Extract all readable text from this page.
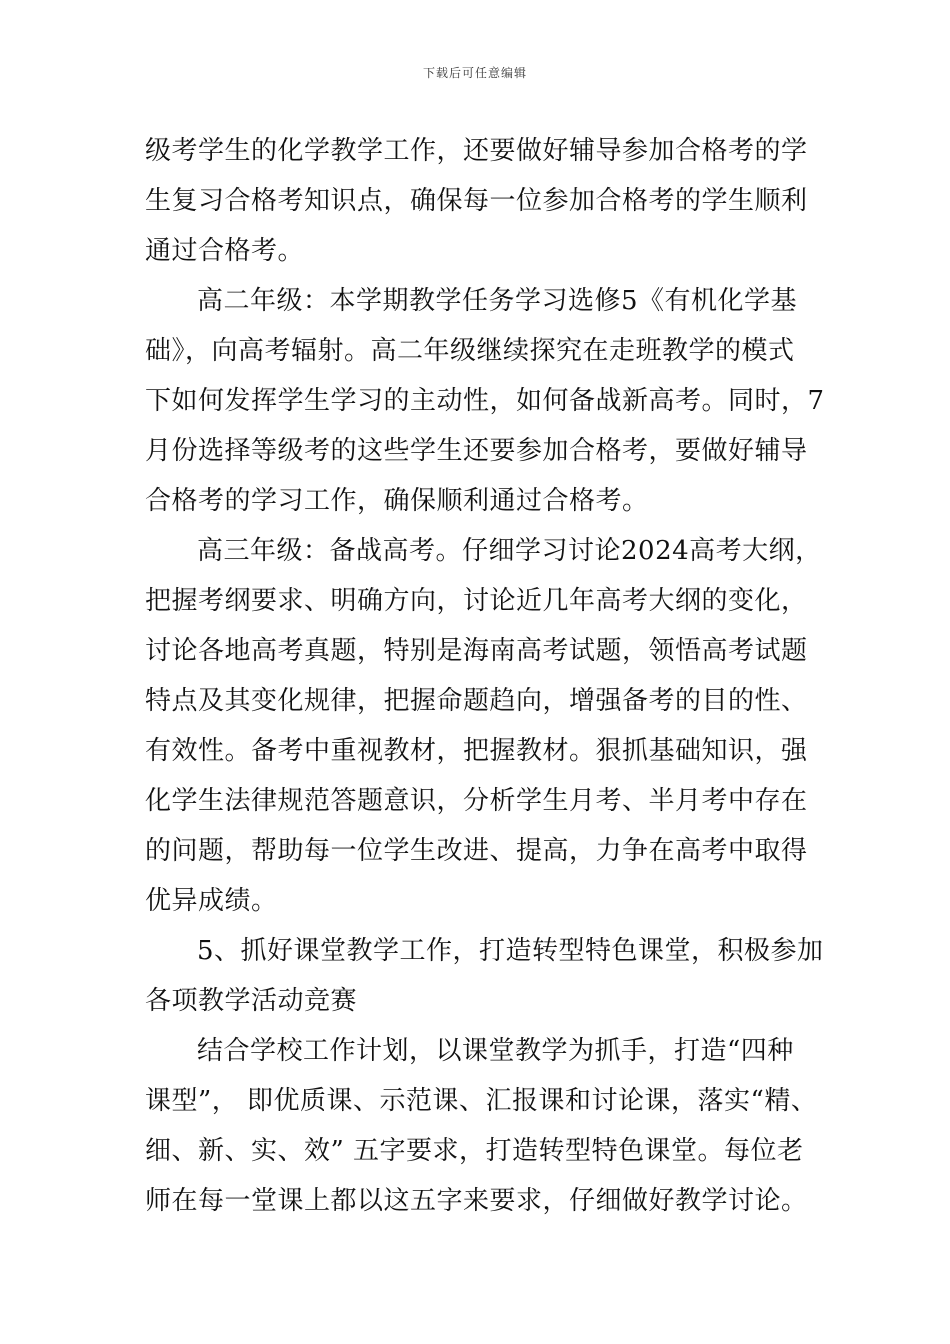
下载后可任意编辑
级考学生的化学教学工作，还要做好辅导参加合格考的学
生复习合格考知识点，确保每一位参加合格考的学生顺利
通过合格考。
高二年级：本学期教学任务学习选修5《有机化学基
础》，向高考辐射。高二年级继续探究在走班教学的模式
下如何发挥学生学习的主动性，如何备战新高考。同时，7
月份选择等级考的这些学生还要参加合格考，要做好辅导
合格考的学习工作，确保顺利通过合格考。
高三年级：备战高考。仔细学习讨论2024高考大纲，
把握考纲要求、明确方向，讨论近几年高考大纲的变化，
讨论各地高考真题，特别是海南高考试题，领悟高考试题
特点及其变化规律，把握命题趋向，增强备考的目的性、
有效性。备考中重视教材，把握教材。狠抓基础知识，强
化学生法律规范答题意识，分析学生月考、半月考中存在
的问题，帮助每一位学生改进、提高，力争在高考中取得
优异成绩。
5、抓好课堂教学工作，打造转型特色课堂，积极参加
各项教学活动竞赛
结合学校工作计划，以课堂教学为抓手，打造“四种
课型”， 即优质课、示范课、汇报课和讨论课，落实“精、
细、新、实、效” 五字要求，打造转型特色课堂。每位老
师在每一堂课上都以这五字来要求，仔细做好教学讨论。
